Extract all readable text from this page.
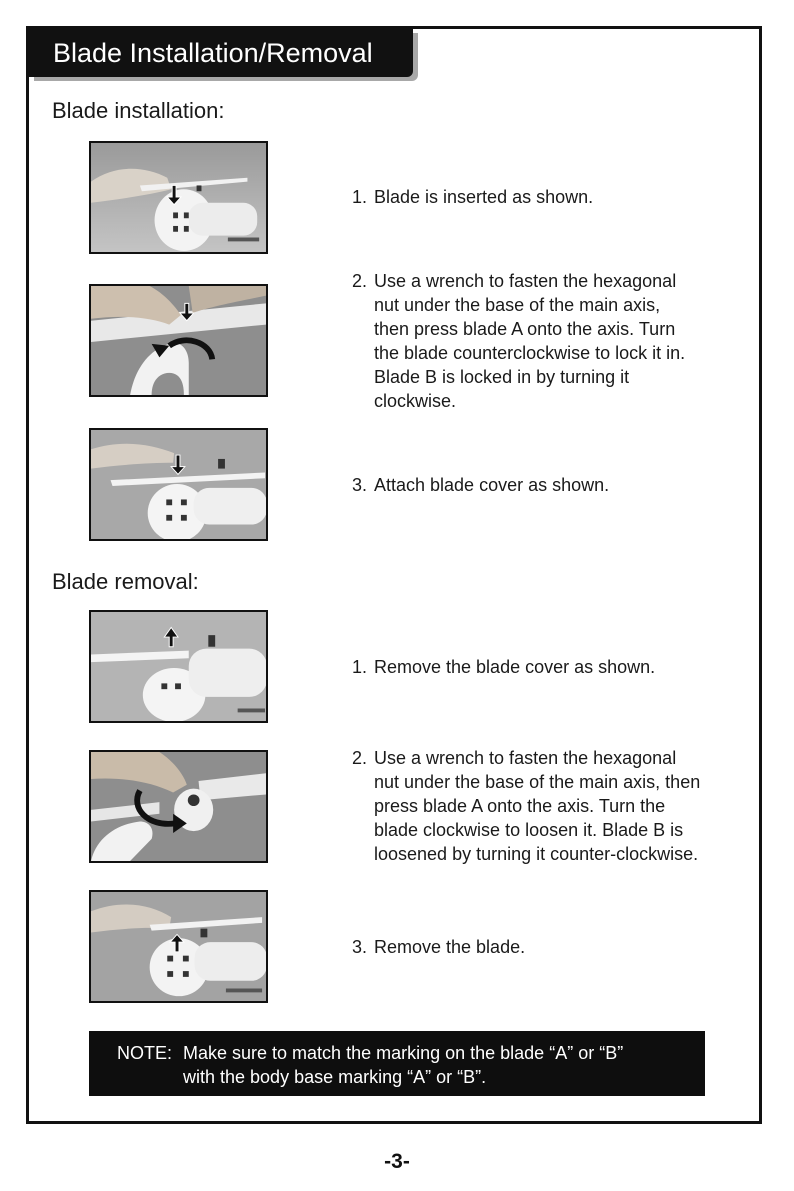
Blade Installation/Removal
Blade installation:
1. Blade is inserted as shown.
2. Use a wrench to fasten the hexagonal
nut under the base of the main axis,
then press blade A onto the axis. Turn
the blade counterclockwise to lock it in.
Blade B is locked in by turning it
clockwise.
3. Attach blade cover as shown.
Blade removal:
1. Remove the blade cover as shown.
2. Use a wrench to fasten the hexagonal
nut under the base of the main axis, then
press blade A onto the axis. Turn the
blade clockwise to loosen it. Blade B is
loosened by turning it counter-clockwise.
3. Remove the blade.
NOTE: Make sure to match the marking on the blade “A” or “B”
with the body base marking “A” or “B”.
-3-
